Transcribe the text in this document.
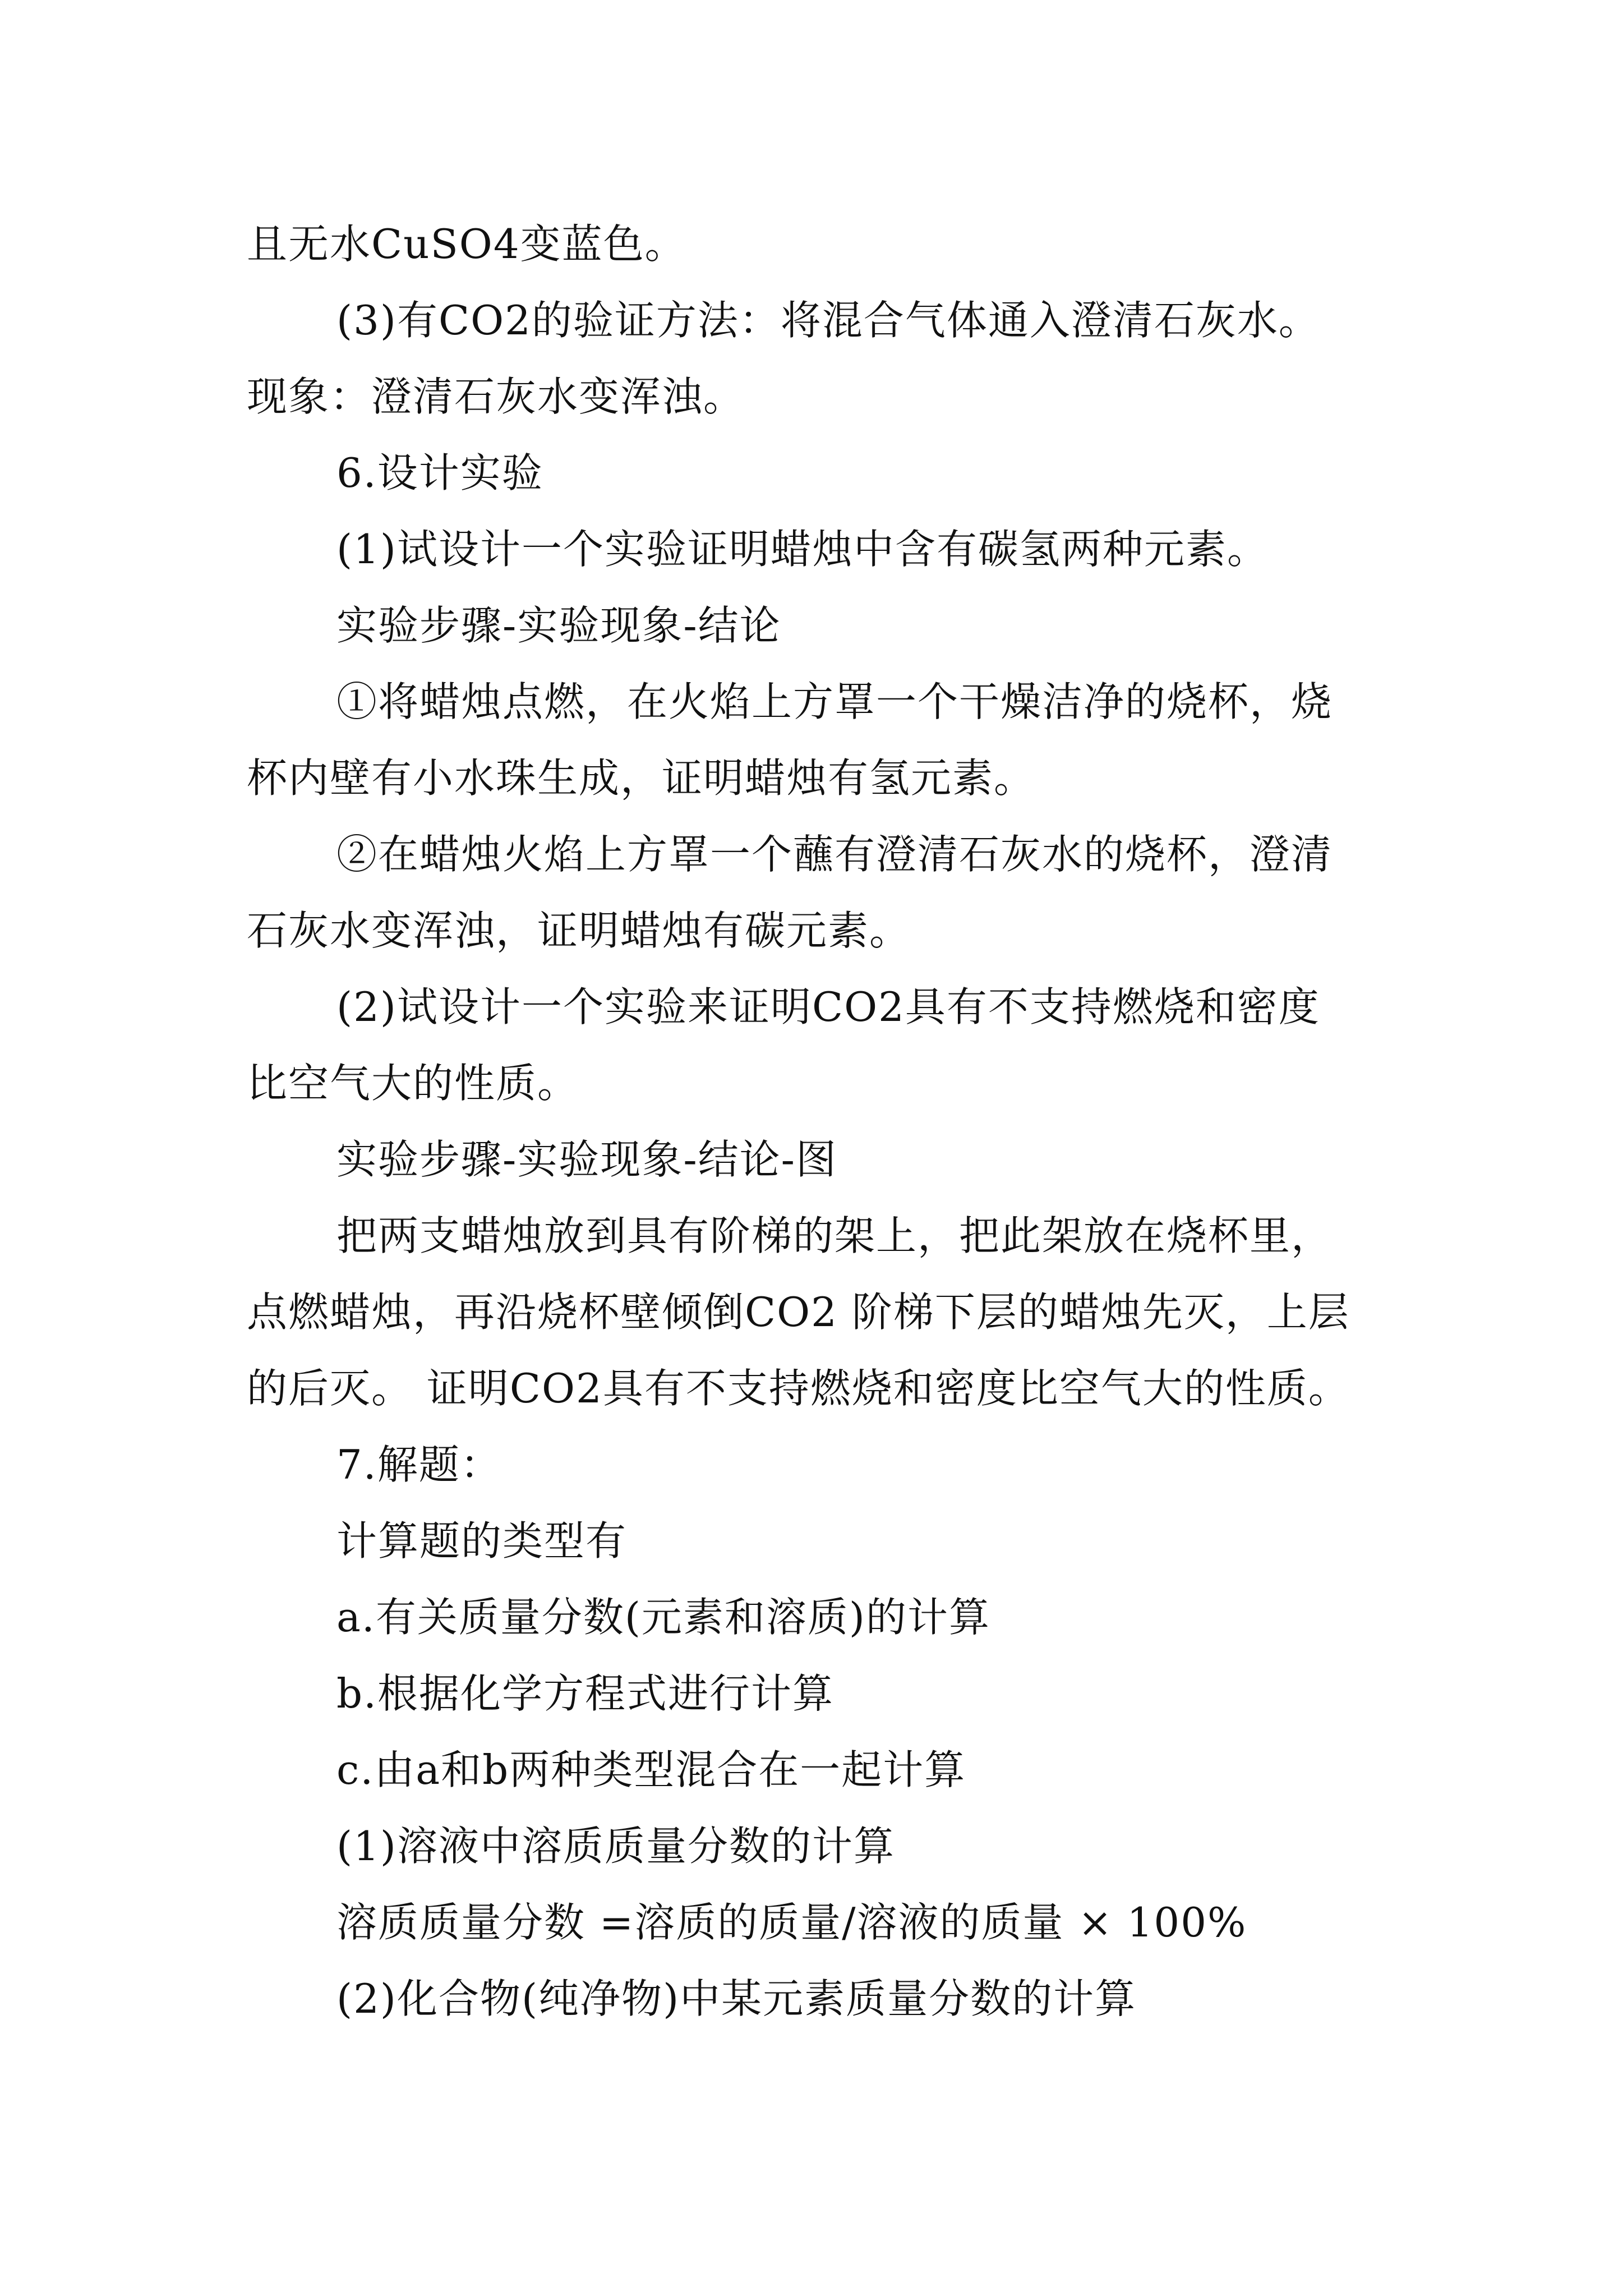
且无水CuSO4变蓝色。
(3)有CO2的验证方法：将混合气体通入澄清石灰水。
现象：澄清石灰水变浑浊。
6.设计实验
(1)试设计一个实验证明蜡烛中含有碳氢两种元素。
实验步骤-实验现象-结论
①将蜡烛点燃，在火焰上方罩一个干燥洁净的烧杯，烧
杯内壁有小水珠生成，证明蜡烛有氢元素。
②在蜡烛火焰上方罩一个蘸有澄清石灰水的烧杯，澄清
石灰水变浑浊，证明蜡烛有碳元素。
(2)试设计一个实验来证明CO2具有不支持燃烧和密度
比空气大的性质。
实验步骤-实验现象-结论-图
把两支蜡烛放到具有阶梯的架上，把此架放在烧杯里，
点燃蜡烛，再沿烧杯壁倾倒CO2 阶梯下层的蜡烛先灭，上层
的后灭。 证明CO2具有不支持燃烧和密度比空气大的性质。
7.解题：
计算题的类型有
a.有关质量分数(元素和溶质)的计算
b.根据化学方程式进行计算
c.由a和b两种类型混合在一起计算
(1)溶液中溶质质量分数的计算
溶质质量分数 =溶质的质量/溶液的质量 × 100%
(2)化合物(纯净物)中某元素质量分数的计算
